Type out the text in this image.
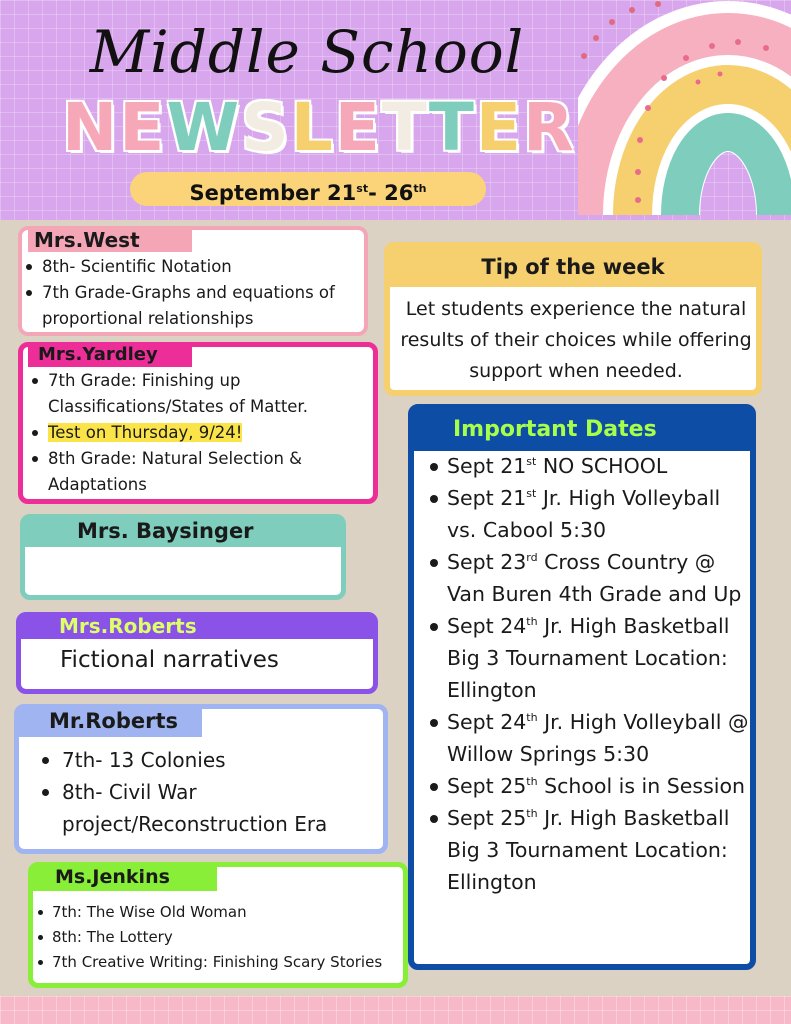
Middle School
NEWSLETTER
September 21st- 26th
Mrs.West
8th- Scientific Notation
7th Grade-Graphs and equations of proportional relationships
Mrs.Yardley
7th Grade: Finishing up Classifications/States of Matter.
Test on Thursday, 9/24!
8th Grade: Natural Selection & Adaptations
Mrs. Baysinger
Mrs.Roberts
Fictional narratives
Mr.Roberts
7th- 13 Colonies
8th- Civil War project/Reconstruction Era
Ms.Jenkins
7th: The Wise Old Woman
8th: The Lottery
7th Creative Writing: Finishing Scary Stories
Tip of the week
Let students experience the natural results of their choices while offering support when needed.
Important Dates
Sept 21st NO SCHOOL
Sept 21st Jr. High Volleyball vs. Cabool 5:30
Sept 23rd Cross Country @ Van Buren 4th Grade and Up
Sept 24th Jr. High Basketball Big 3 Tournament Location: Ellington
Sept 24th Jr. High Volleyball @ Willow Springs 5:30
Sept 25th School is in Session
Sept 25th Jr. High Basketball Big 3 Tournament Location: Ellington
